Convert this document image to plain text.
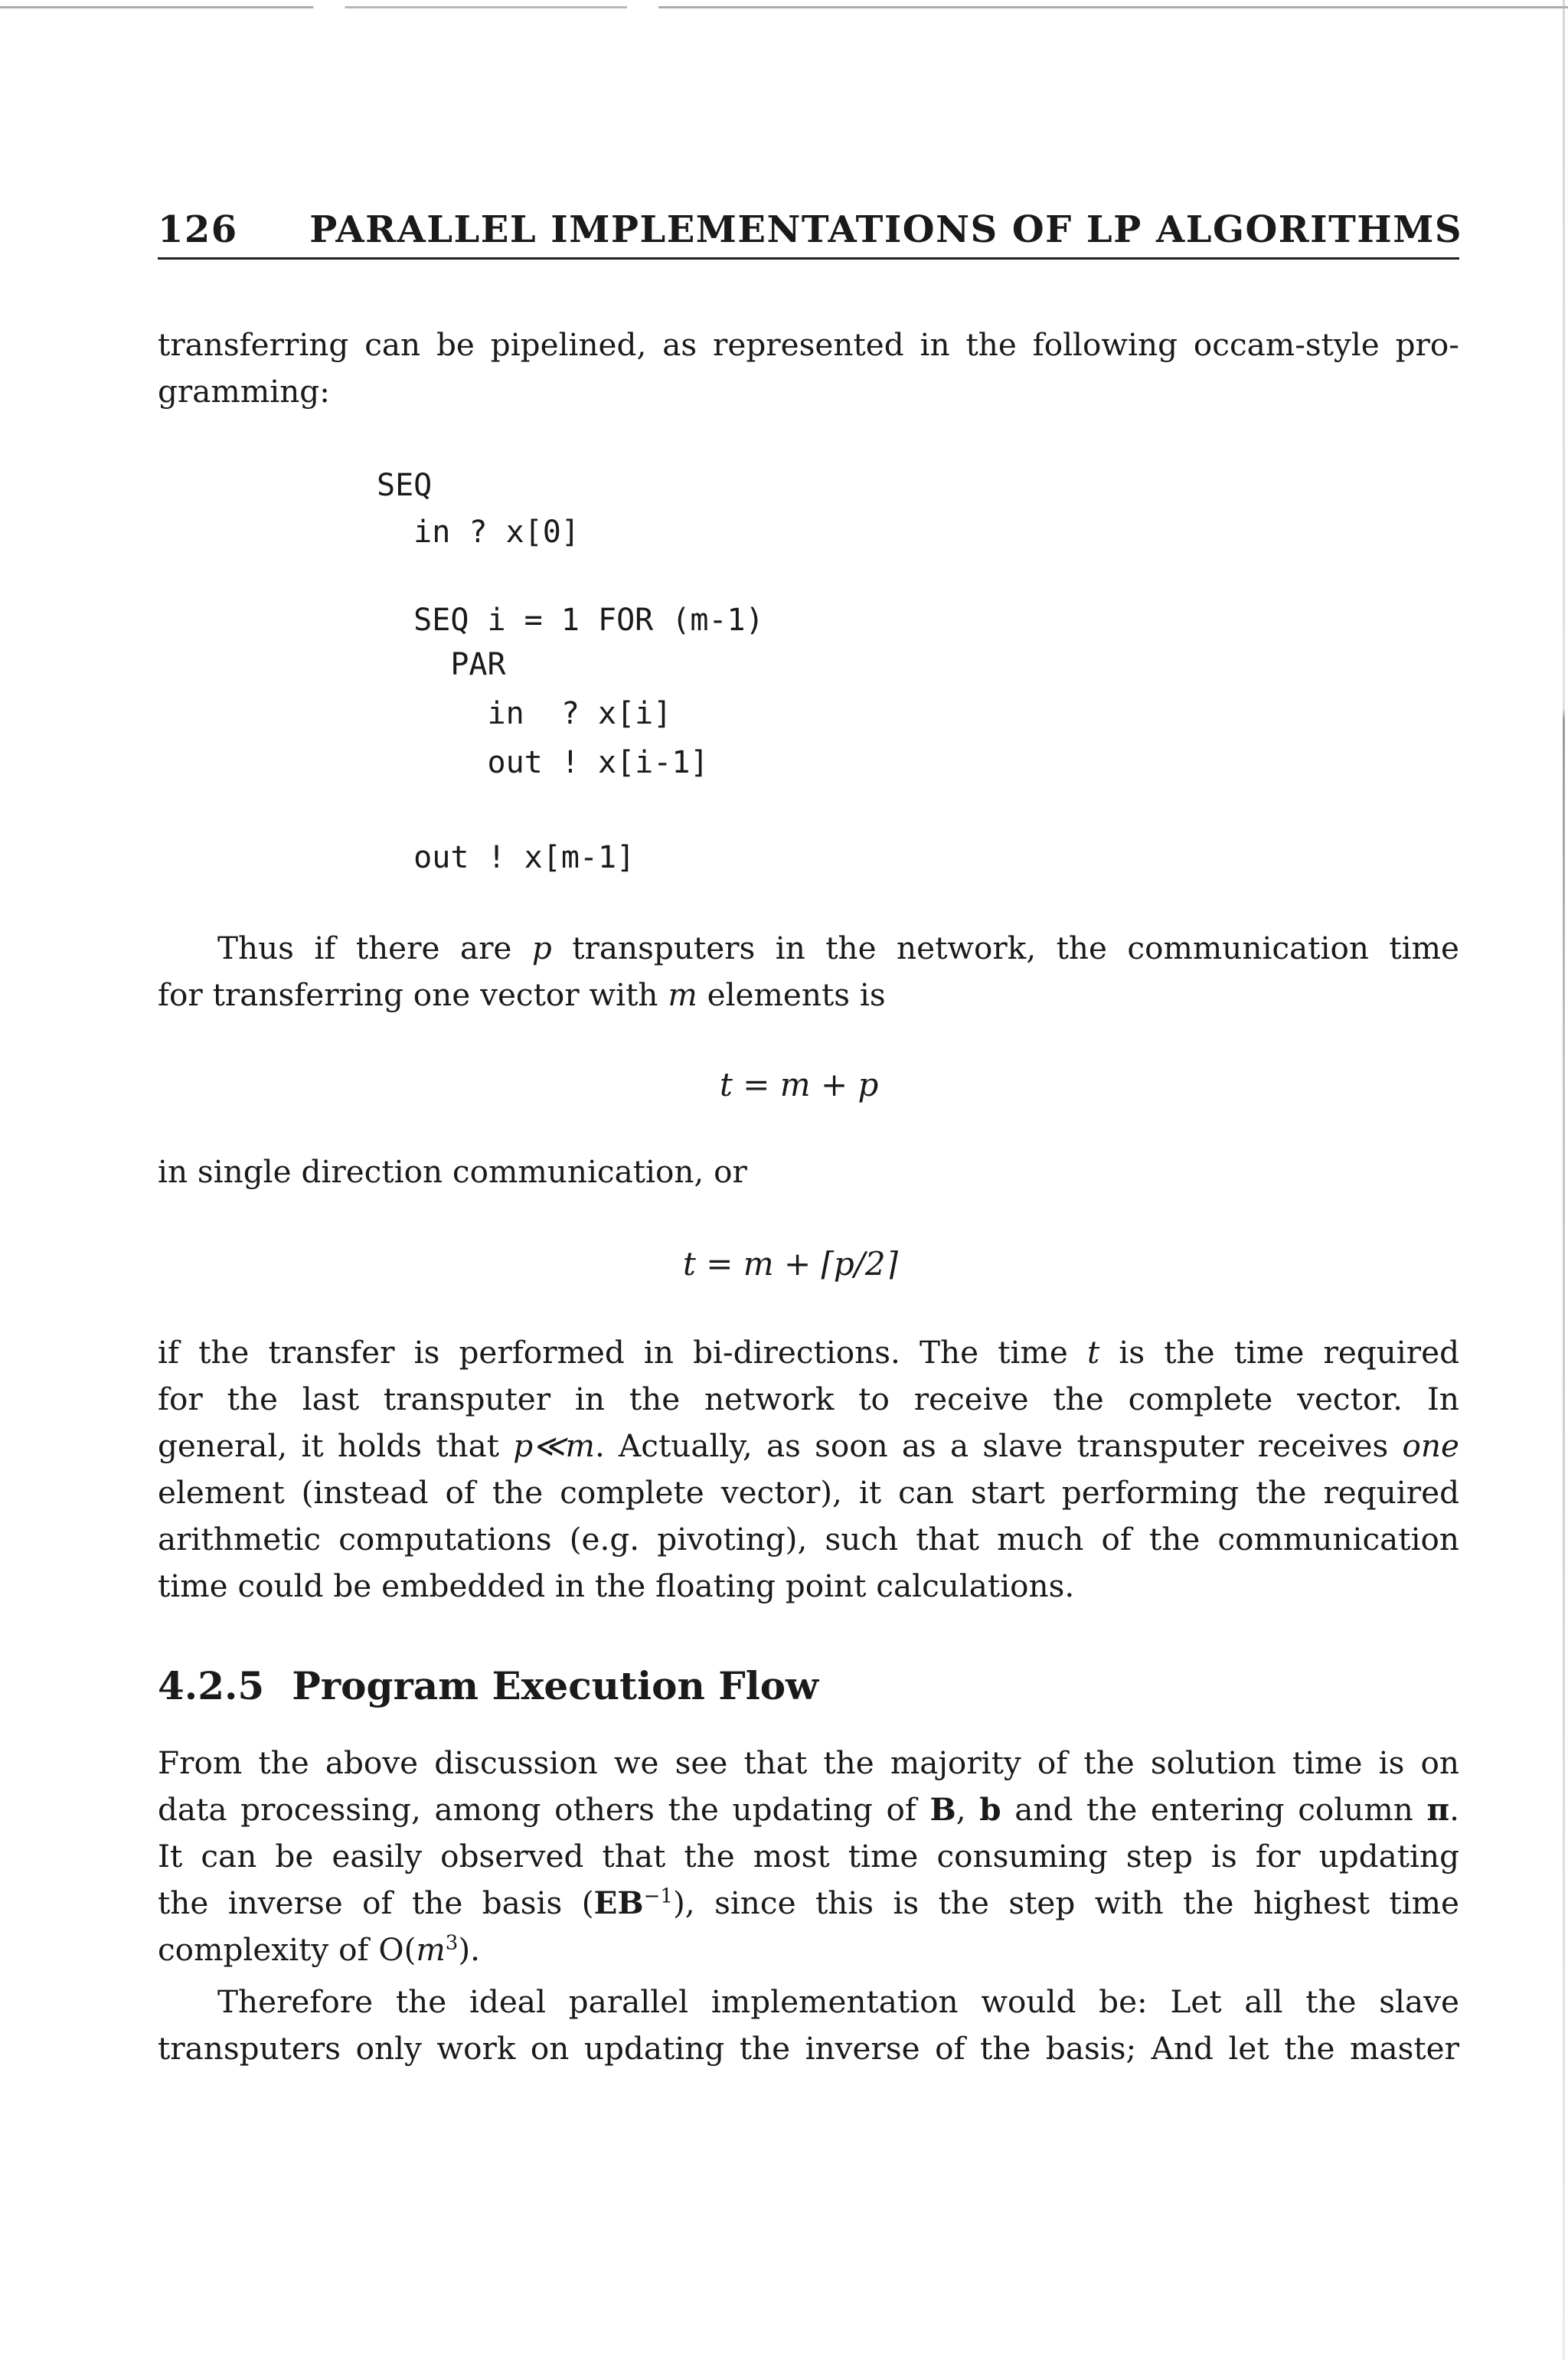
126 PARALLEL IMPLEMENTATIONS OF LP ALGORITHMS
transferring can be pipelined, as represented in the following occam-style pro-
gramming:
SEQ
in ? x[0]
SEQ i = 1 FOR (m-1)
PAR
in  ? x[i]
out ! x[i-1]
out ! x[m-1]
Thus if there are p transputers in the network, the communication time
for transferring one vector with m elements is
t = m + p
in single direction communication, or
t = m + ⌈p/2⌉
if the transfer is performed in bi-directions. The time t is the time required
for the last transputer in the network to receive the complete vector. In
general, it holds that p≪m. Actually, as soon as a slave transputer receives one
element (instead of the complete vector), it can start performing the required
arithmetic computations (e.g. pivoting), such that much of the communication
time could be embedded in the floating point calculations.
4.2.5 Program Execution Flow
From the above discussion we see that the majority of the solution time is on
data processing, among others the updating of B, b and the entering column π.
It can be easily observed that the most time consuming step is for updating
the inverse of the basis $(EB^{-1})$, since this is the step with the highest time
complexity of $O(m^3)$.
Therefore the ideal parallel implementation would be: Let all the slave
transputers only work on updating the inverse of the basis; And let the master
